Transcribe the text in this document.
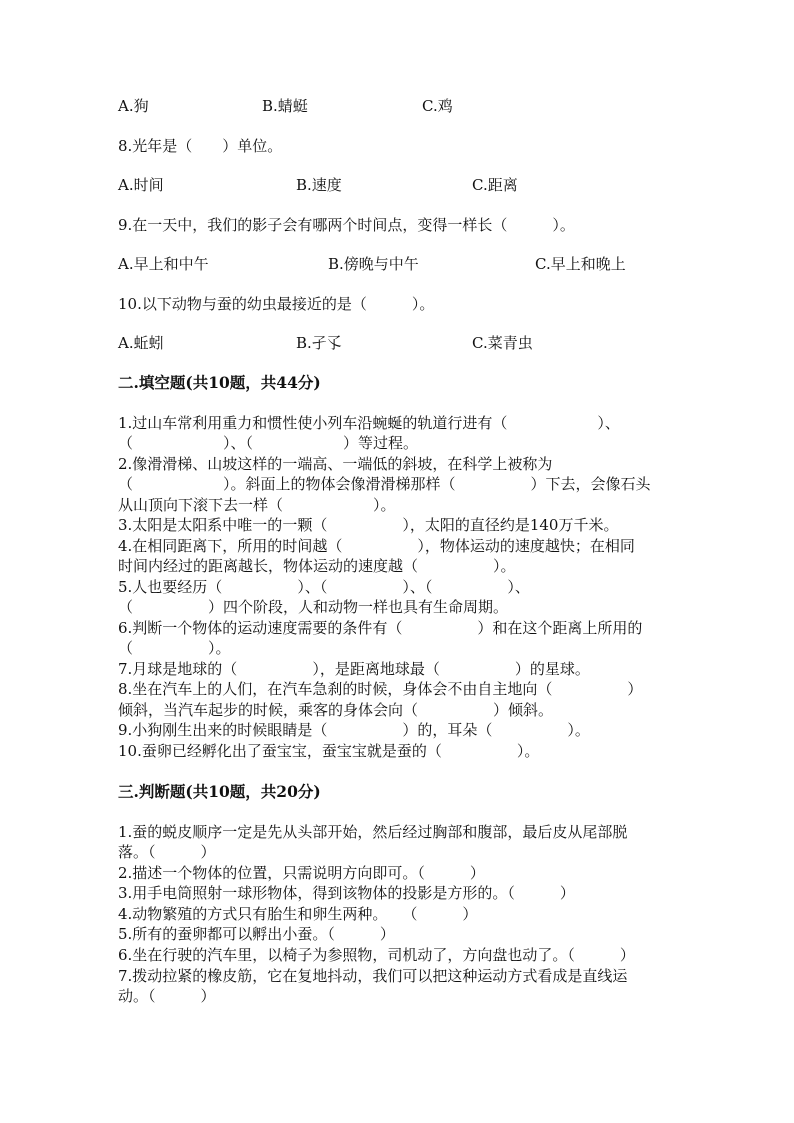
A.狗	B.蜻蜓	C.鸡
8.光年是（　　）单位。
A.时间	B.速度	C.距离
9.在一天中，我们的影子会有哪两个时间点，变得一样长（　　　）。
A.早上和中午	B.傍晚与中午	C.早上和晚上
10.以下动物与蚕的幼虫最接近的是（　　　）。
A.蚯蚓	B.孑孓	C.菜青虫
二.填空题(共10题，共44分)
1.过山车常利用重力和惯性使小列车沿蜿蜒的轨道行进有（　　　　　　）、
（　　　　　　）、（　　　　　　）等过程。
2.像滑滑梯、山坡这样的一端高、一端低的斜坡，在科学上被称为
（　　　　　　）。斜面上的物体会像滑滑梯那样（　　　　　）下去，会像石头
从山顶向下滚下去一样（　　　　　　）。
3.太阳是太阳系中唯一的一颗（　　　　　），太阳的直径约是140万千米。
4.在相同距离下，所用的时间越（　　　　　），物体运动的速度越快；在相同
时间内经过的距离越长，物体运动的速度越（　　　　　）。
5.人也要经历（　　　　　）、（　　　　　）、（　　　　　）、
（　　　　　）四个阶段，人和动物一样也具有生命周期。
6.判断一个物体的运动速度需要的条件有（　　　　　）和在这个距离上所用的
（　　　　　）。
7.月球是地球的（　　　　　），是距离地球最（　　　　　）的星球。
8.坐在汽车上的人们，在汽车急刹的时候，身体会不由自主地向（　　　　　）
倾斜，当汽车起步的时候，乘客的身体会向（　　　　　）倾斜。
9.小狗刚生出来的时候眼睛是（　　　　　）的，耳朵（　　　　　）。
10.蚕卵已经孵化出了蚕宝宝，蚕宝宝就是蚕的（　　　　　）。
三.判断题(共10题，共20分)
1.蚕的蜕皮顺序一定是先从头部开始，然后经过胸部和腹部，最后皮从尾部脱
落。（　　　）
2.描述一个物体的位置，只需说明方向即可。（　　　）
3.用手电筒照射一球形物体，得到该物体的投影是方形的。（　　　）
4.动物繁殖的方式只有胎生和卵生两种。　　（　　　）
5.所有的蚕卵都可以孵出小蚕。（　　　）
6.坐在行驶的汽车里，以椅子为参照物，司机动了，方向盘也动了。（　　　）
7.拨动拉紧的橡皮筋，它在复地抖动，我们可以把这种运动方式看成是直线运
动。（　　　）
